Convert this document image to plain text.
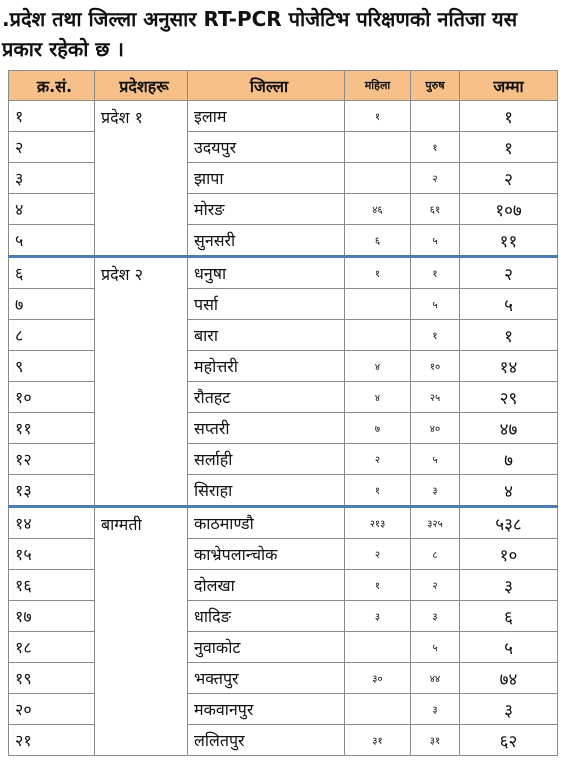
.प्रदेश तथा जिल्ला अनुसार RT-PCR पोजेटिभ परिक्षणको नतिजा यस प्रकार रहेको छ ।
क्र.सं.	प्रदेशहरू	जिल्ला	महिला	पुरुष	जम्मा
१	प्रदेश १	इलाम	१		१
२		उदयपुर		१	१
३		झापा		२	२
४		मोरङ	४६	६१	१०७
५		सुनसरी	६	५	११
६	प्रदेश २	धनुषा	१	१	२
७		पर्सा		५	५
८		बारा		१	१
९		महोत्तरी	४	१०	१४
१०		रौतहट	४	२५	२९
११		सप्तरी	७	४०	४७
१२		सर्लाही	२	५	७
१३		सिराहा	१	३	४
१४	बाग्मती	काठमाण्डौ	२१३	३२५	५३८
१५		काभ्रेपलान्चोक	२	८	१०
१६		दोलखा	१	२	३
१७		धादिङ	३	३	६
१८		नुवाकोट		५	५
१९		भक्तपुर	३०	४४	७४
२०		मकवानपुर		३	३
२१		ललितपुर	३१	३१	६२
